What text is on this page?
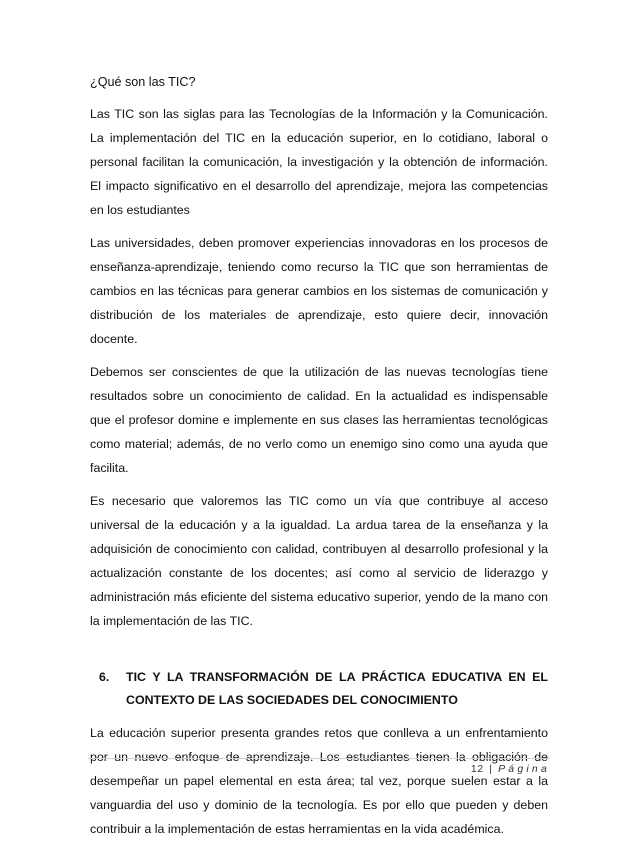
¿Qué son las TIC?

Las TIC son las siglas para las Tecnologías de la Información y la Comunicación. La implementación del TIC en la educación superior, en lo cotidiano, laboral o personal facilitan la comunicación, la investigación y la obtención de información. El impacto significativo en el desarrollo del aprendizaje, mejora las competencias en los estudiantes

Las universidades, deben promover experiencias innovadoras en los procesos de enseñanza-aprendizaje, teniendo como recurso la TIC que son herramientas de cambios en las técnicas para generar cambios en los sistemas de comunicación y distribución de los materiales de aprendizaje, esto quiere decir, innovación docente.

Debemos ser conscientes de que la utilización de las nuevas tecnologías tiene resultados sobre un conocimiento de calidad. En la actualidad es indispensable que el profesor domine e implemente en sus clases las herramientas tecnológicas como material; además, de no verlo como un enemigo sino como una ayuda que facilita.

Es necesario que valoremos las TIC como un vía que contribuye al acceso universal de la educación y a la igualdad. La ardua tarea de la enseñanza y la adquisición de conocimiento con calidad, contribuyen al desarrollo profesional y la actualización constante de los docentes; así como al servicio de liderazgo y administración más eficiente del sistema educativo superior, yendo de la mano con la implementación de las TIC.

6.	TIC Y LA TRANSFORMACIÓN DE LA PRÁCTICA EDUCATIVA EN EL CONTEXTO DE LAS SOCIEDADES DEL CONOCIMIENTO

La educación superior presenta grandes retos que conlleva a un enfrentamiento por un nuevo enfoque de aprendizaje. Los estudiantes tienen la obligación de desempeñar un papel elemental en esta área; tal vez, porque suelen estar a la vanguardia del uso y dominio de la tecnología. Es por ello que pueden y deben contribuir a la implementación de estas herramientas en la vida académica.

12 | Página
